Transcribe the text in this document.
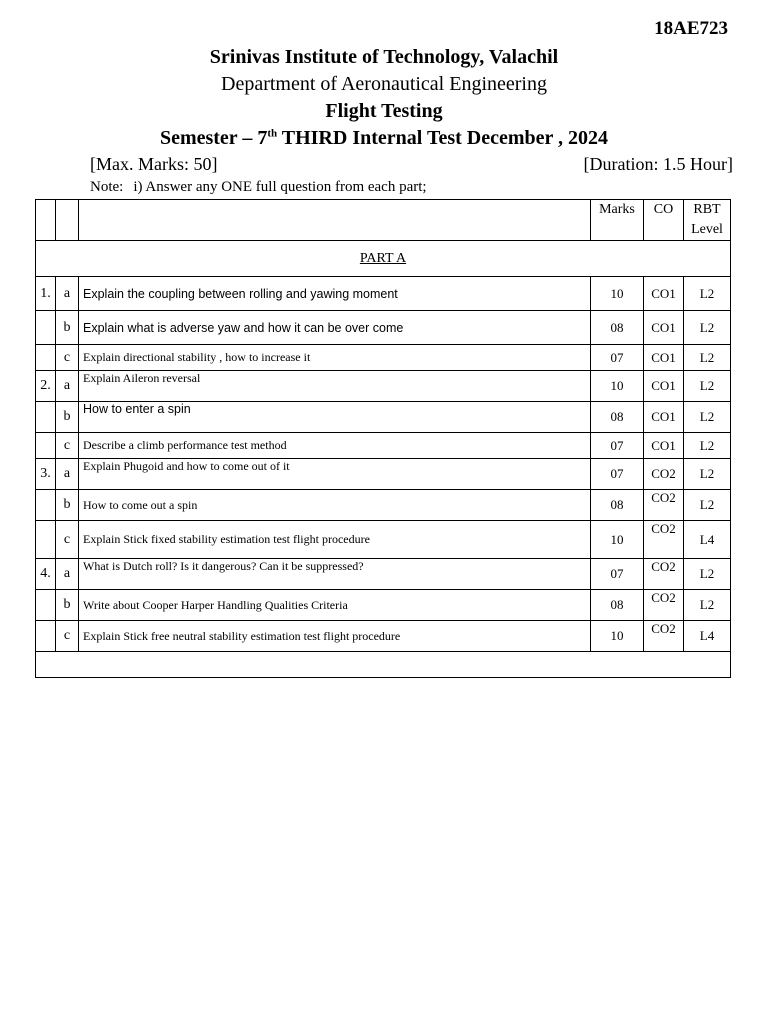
18AE723
Srinivas Institute of Technology, Valachil
Department of Aeronautical Engineering
Flight Testing
Semester – 7th THIRD Internal Test December , 2024
[Max. Marks: 50]	[Duration: 1.5 Hour]
Note: i) Answer any ONE full question from each part;
			Marks	CO	RBT Level
PART A					
1.	a	Explain the coupling between rolling and yawing moment	10	CO1	L2
	b	Explain what is adverse yaw and how it can be over come	08	CO1	L2
	c	Explain directional stability , how to increase it	07	CO1	L2
2.	a	Explain Aileron reversal	10	CO1	L2
	b	How to enter a spin	08	CO1	L2
	c	Describe a climb performance test method	07	CO1	L2
3.	a	Explain Phugoid and how to come out of it	07	CO2	L2
	b	How to come out a spin	08	CO2	L2
	c	Explain Stick fixed stability estimation test flight procedure	10	CO2	L4
4.	a	What is Dutch roll? Is it dangerous? Can it be suppressed?	07	CO2	L2
	b	Write about Cooper Harper Handling Qualities Criteria	08	CO2	L2
	c	Explain Stick free neutral stability estimation test flight procedure	10	CO2	L4
